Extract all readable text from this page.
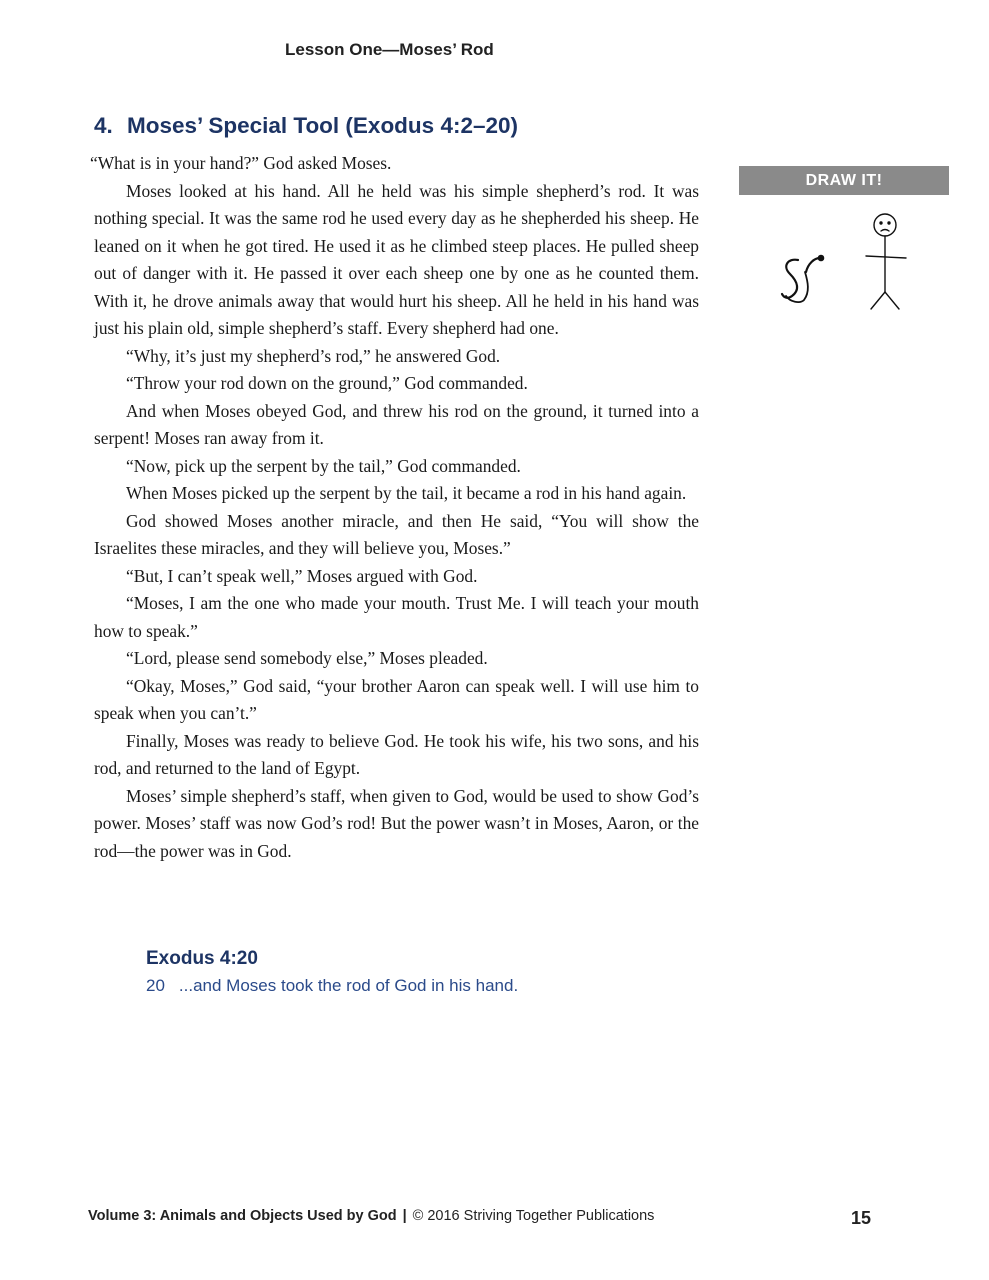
Lesson One—Moses’ Rod
4. Moses’ Special Tool (Exodus 4:2–20)

“What is in your hand?” God asked Moses.

Moses looked at his hand. All he held was his simple shepherd’s rod. It was nothing special. It was the same rod he used every day as he shepherded his sheep. He leaned on it when he got tired. He used it as he climbed steep places. He pulled sheep out of danger with it. He passed it over each sheep one by one as he counted them. With it, he drove animals away that would hurt his sheep. All he held in his hand was just his plain old, simple shepherd’s staff. Every shepherd had one.

“Why, it’s just my shepherd’s rod,” he answered God.

“Throw your rod down on the ground,” God commanded.

And when Moses obeyed God, and threw his rod on the ground, it turned into a serpent! Moses ran away from it.

“Now, pick up the serpent by the tail,” God commanded.

When Moses picked up the serpent by the tail, it became a rod in his hand again.

God showed Moses another miracle, and then He said, “You will show the Israelites these miracles, and they will believe you, Moses.”

“But, I can’t speak well,” Moses argued with God.

“Moses, I am the one who made your mouth. Trust Me. I will teach your mouth how to speak.”

“Lord, please send somebody else,” Moses pleaded.

“Okay, Moses,” God said, “your brother Aaron can speak well. I will use him to speak when you can’t.”

Finally, Moses was ready to believe God. He took his wife, his two sons, and his rod, and returned to the land of Egypt.

Moses’ simple shepherd’s staff, when given to God, would be used to show God’s power. Moses’ staff was now God’s rod! But the power wasn’t in Moses, Aaron, or the rod—the power was in God.

DRAW IT!
Exodus 4:20
20 ...and Moses took the rod of God in his hand.
Volume 3: Animals and Objects Used by God | © 2016 Striving Together Publications	15
